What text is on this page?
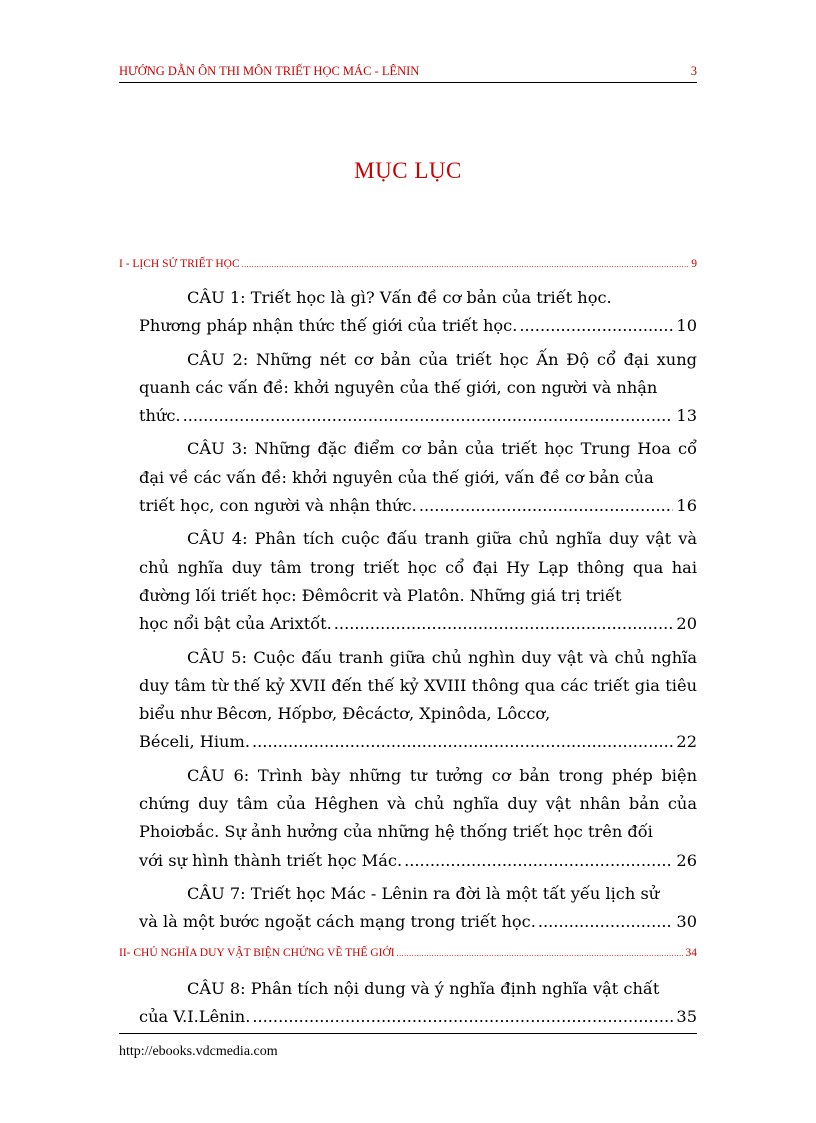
HƯỚNG DẪN ÔN THI MÔN TRIẾT HỌC MÁC - LÊNIN	3
MỤC LỤC
I - LỊCH SỬ TRIẾT HỌC .....	9
CÂU 1: Triết học là gì? Vấn đề cơ bản của triết học.
Phương pháp nhận thức thế giới của triết học. .....	10
CÂU 2: Những nét cơ bản của triết học Ấn Độ cổ đại xung quanh các vấn đề: khởi nguyên của thế giới, con người và nhận
thức. .....	13
CÂU 3: Những đặc điểm cơ bản của triết học Trung Hoa cổ đại về các vấn đề: khởi nguyên của thế giới, vấn đề cơ bản của
triết học, con người và nhận thức. .....	16
CÂU 4: Phân tích cuộc đấu tranh giữa chủ nghĩa duy vật và chủ nghĩa duy tâm trong triết học cổ đại Hy Lạp thông qua hai đường lối triết học: Đêmôcrit và Platôn. Những giá trị triết
học nổi bật của Arixtốt. .....	20
CÂU 5: Cuộc đấu tranh giữa chủ nghìn duy vật và chủ nghĩa duy tâm từ thế kỷ XVII đến thế kỷ XVIII thông qua các triết gia tiêu biểu như Bêcơn, Hốpbơ, Đêcáctơ, Xpinôda, Lôccơ,
Béceli, Hium. .....	22
CÂU 6: Trình bày những tư tưởng cơ bản trong phép biện chứng duy tâm của Hêghen và chủ nghĩa duy vật nhân bản của Phoiơbắc. Sự ảnh hưởng của những hệ thống triết học trên đối
với sự hình thành triết học Mác. .....	26
CÂU 7: Triết học Mác - Lênin ra đời là một tất yếu lịch sử
và là một bước ngoặt cách mạng trong triết học. .....	30
II- CHỦ NGHĨA DUY VẬT BIỆN CHỨNG VỀ THẾ GIỚI .....	34
CÂU 8: Phân tích nội dung và ý nghĩa định nghĩa vật chất
của V.I.Lênin. .....	35
http://ebooks.vdcmedia.com
